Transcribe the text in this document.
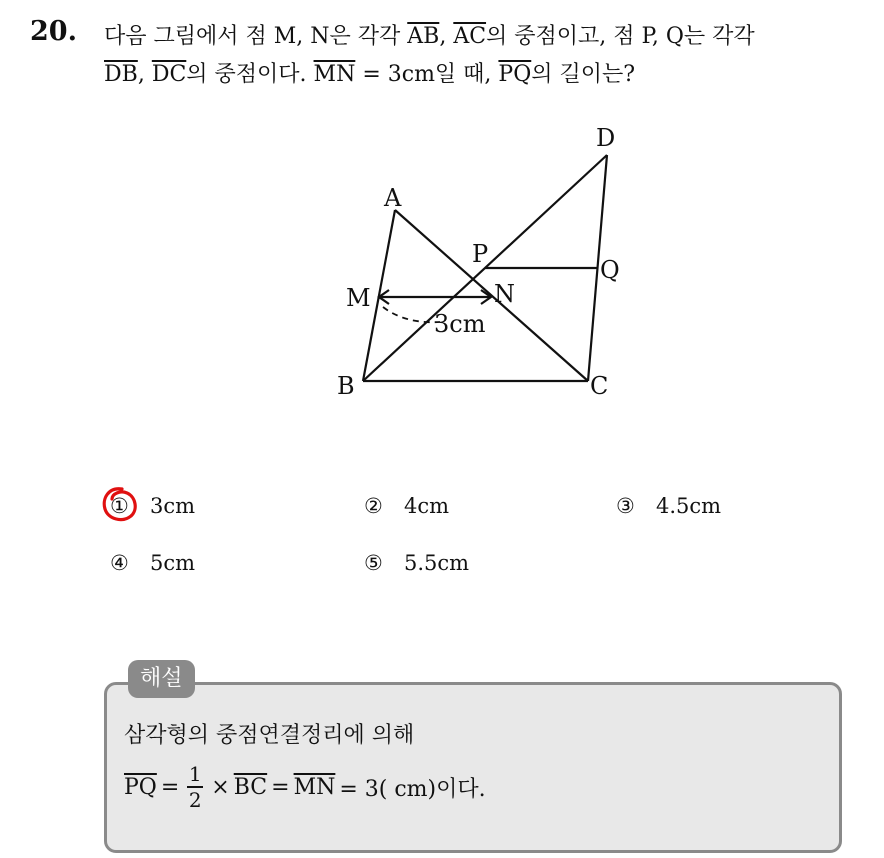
20. 다음 그림에서 점 M, N은 각각 $\overline{AB}$, $\overline{AC}$의 중점이고, 점 P, Q는 각각
$\overline{DB}$, $\overline{DC}$의 중점이다. $\overline{MN} = 3cm$일 때, $\overline{PQ}$의 길이는?
A
B	C
D
M	N
P
Q
3cm
① 3cm	② 4cm	③ 4.5cm
④ 5cm	⑤ 5.5cm
해설
삼각형의 중점연결정리에 의해
$\overline{PQ} = \frac{1}{2} \times \overline{BC} = \overline{MN} = 3$( cm)이다.
